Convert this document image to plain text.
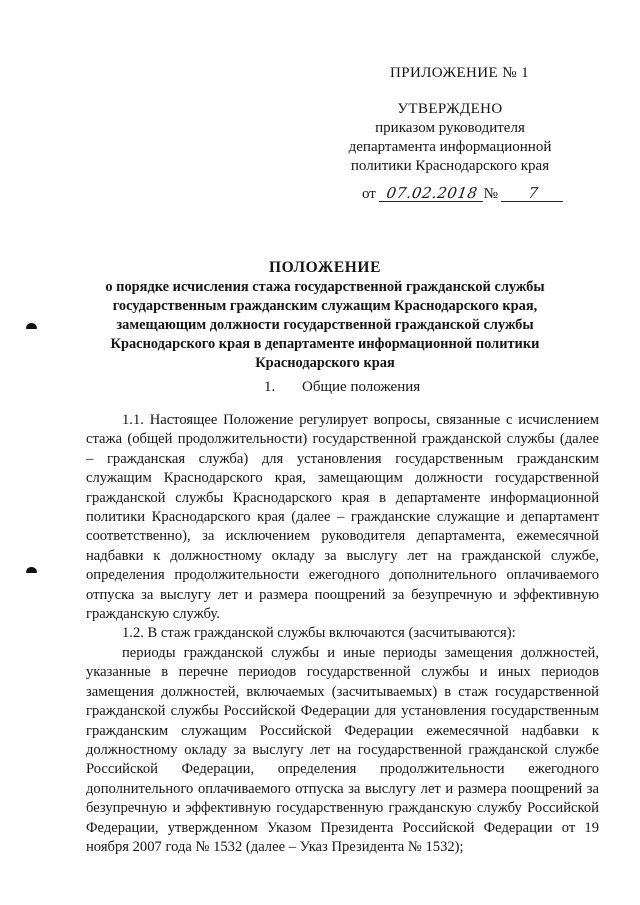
ПРИЛОЖЕНИЕ № 1
УТВЕРЖДЕНО
приказом руководителя
департамента информационной
политики Краснодарского края
от 07.02.2018 № 7
ПОЛОЖЕНИЕ
о порядке исчисления стажа государственной гражданской службы
государственным гражданским служащим Краснодарского края,
замещающим должности государственной гражданской службы
Краснодарского края в департаменте информационной политики
Краснодарского края
1. Общие положения

1.1. Настоящее Положение регулирует вопросы, связанные с исчислением стажа (общей продолжительности) государственной гражданской службы (далее – гражданская служба) для установления государственным гражданским служащим Краснодарского края, замещающим должности государственной гражданской службы Краснодарского края в департаменте информационной политики Краснодарского края (далее – гражданские служащие и департамент соответственно), за исключением руководителя департамента, ежемесячной надбавки к должностному окладу за выслугу лет на гражданской службе, определения продолжительности ежегодного дополнительного оплачиваемого отпуска за выслугу лет и размера поощрений за безупречную и эффективную гражданскую службу.

1.2. В стаж гражданской службы включаются (засчитываются):

периоды гражданской службы и иные периоды замещения должностей, указанные в перечне периодов государственной службы и иных периодов замещения должностей, включаемых (засчитываемых) в стаж государственной гражданской службы Российской Федерации для установления государственным гражданским служащим Российской Федерации ежемесячной надбавки к должностному окладу за выслугу лет на государственной гражданской службе Российской Федерации, определения продолжительности ежегодного дополнительного оплачиваемого отпуска за выслугу лет и размера поощрений за безупречную и эффективную государственную гражданскую службу Российской Федерации, утвержденном Указом Президента Российской Федерации от 19 ноября 2007 года № 1532 (далее – Указ Президента № 1532);
